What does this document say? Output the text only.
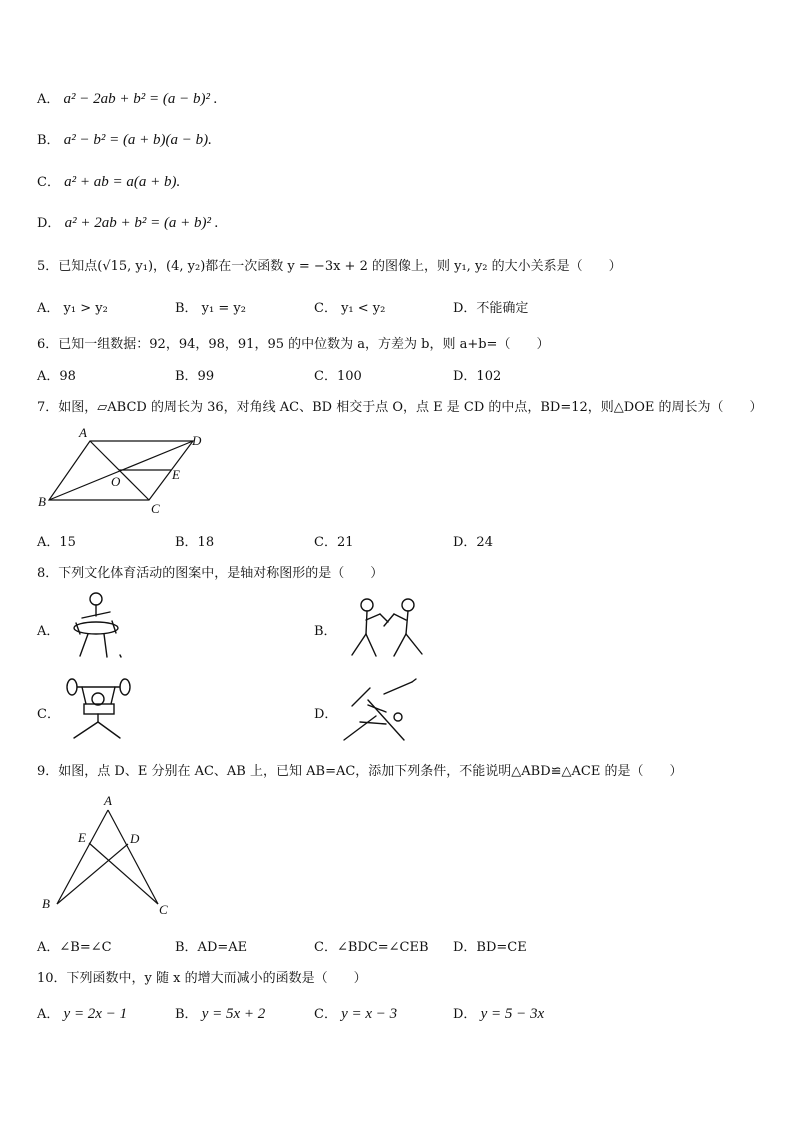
A． a² − 2ab + b² = (a − b)² .
B． a² − b² = (a + b)(a − b).
C． a² + ab = a(a + b).
D． a² + 2ab + b² = (a + b)² .
5．已知点(√15, y₁)，(4, y₂)都在一次函数 y = −3x + 2 的图像上，则 y₁, y₂ 的大小关系是（　　）
A． y₁ > y₂	B． y₁ = y₂	C． y₁ < y₂	D．不能确定
6．已知一组数据：92，94，98，91，95 的中位数为 a，方差为 b，则 a+b=（　　）
A．98	B．99	C．100	D．102
7．如图，▱ABCD 的周长为 36，对角线 AC、BD 相交于点 O，点 E 是 CD 的中点，BD=12，则△DOE 的周长为（　　）
A
D
B	C
O	E
A．15	B．18	C．21	D．24
8．下列文化体育活动的图案中，是轴对称图形的是（　　）
A．	B．
C．	D．
9．如图，点 D、E 分别在 AC、AB 上，已知 AB=AC，添加下列条件，不能说明△ABD≌△ACE 的是（　　）
A
E	D
B	C
A．∠B=∠C	B．AD=AE	C．∠BDC=∠CEB D．BD=CE
10．下列函数中，y 随 x 的增大而减小的函数是（　　）
A． y = 2x − 1	B． y = 5x + 2	C． y = x − 3	D． y = 5 − 3x
